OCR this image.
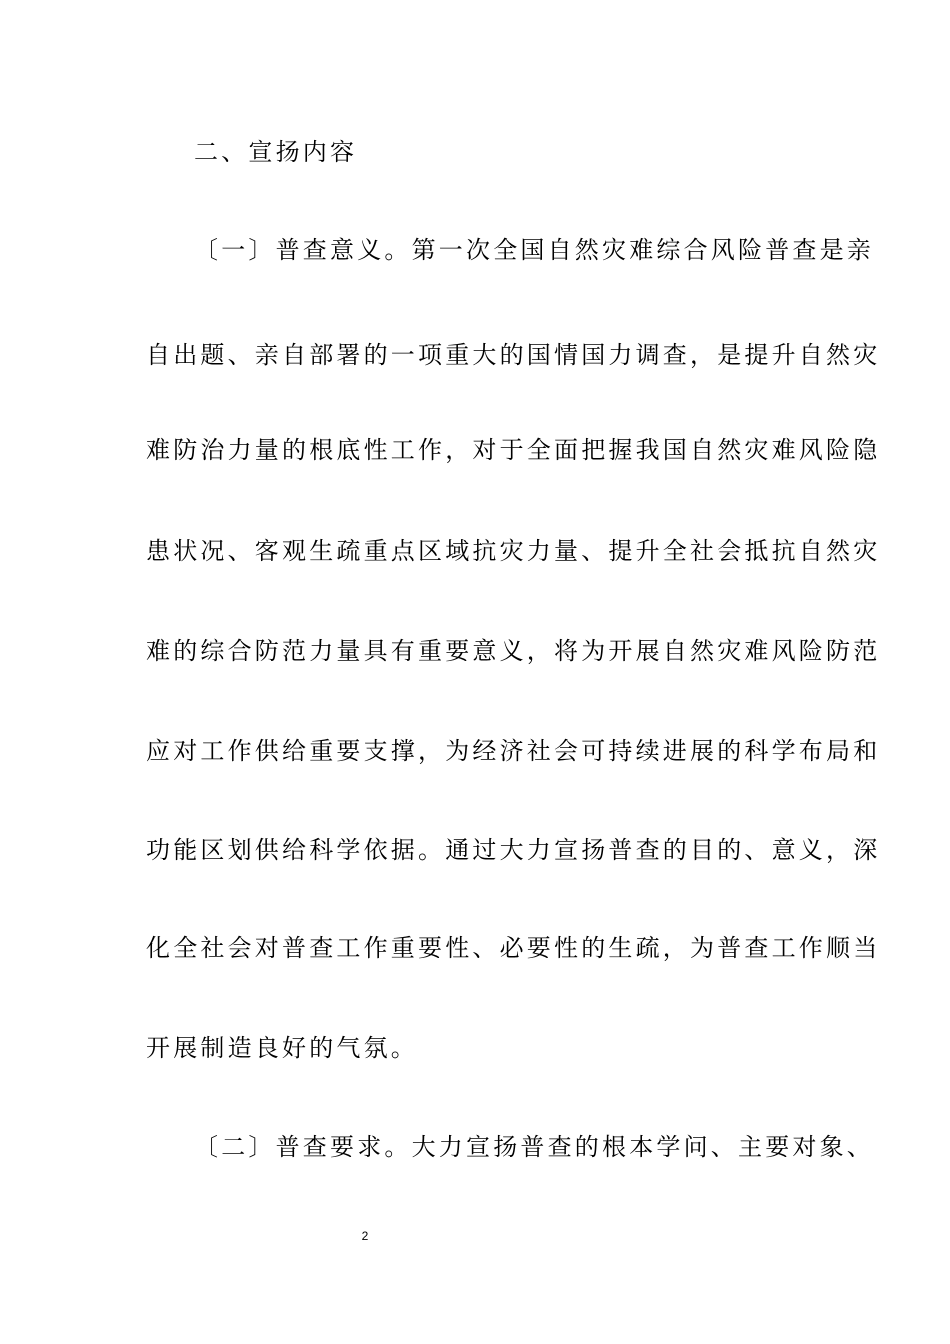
二、宣扬内容
〔一〕普查意义。第一次全国自然灾难综合风险普查是亲
自出题、亲自部署的一项重大的国情国力调查，是提升自然灾
难防治力量的根底性工作，对于全面把握我国自然灾难风险隐
患状况、客观生疏重点区域抗灾力量、提升全社会抵抗自然灾
难的综合防范力量具有重要意义，将为开展自然灾难风险防范
应对工作供给重要支撑，为经济社会可持续进展的科学布局和
功能区划供给科学依据。通过大力宣扬普查的目的、意义，深
化全社会对普查工作重要性、必要性的生疏，为普查工作顺当
开展制造良好的气氛。
〔二〕普查要求。大力宣扬普查的根本学问、主要对象、
2
